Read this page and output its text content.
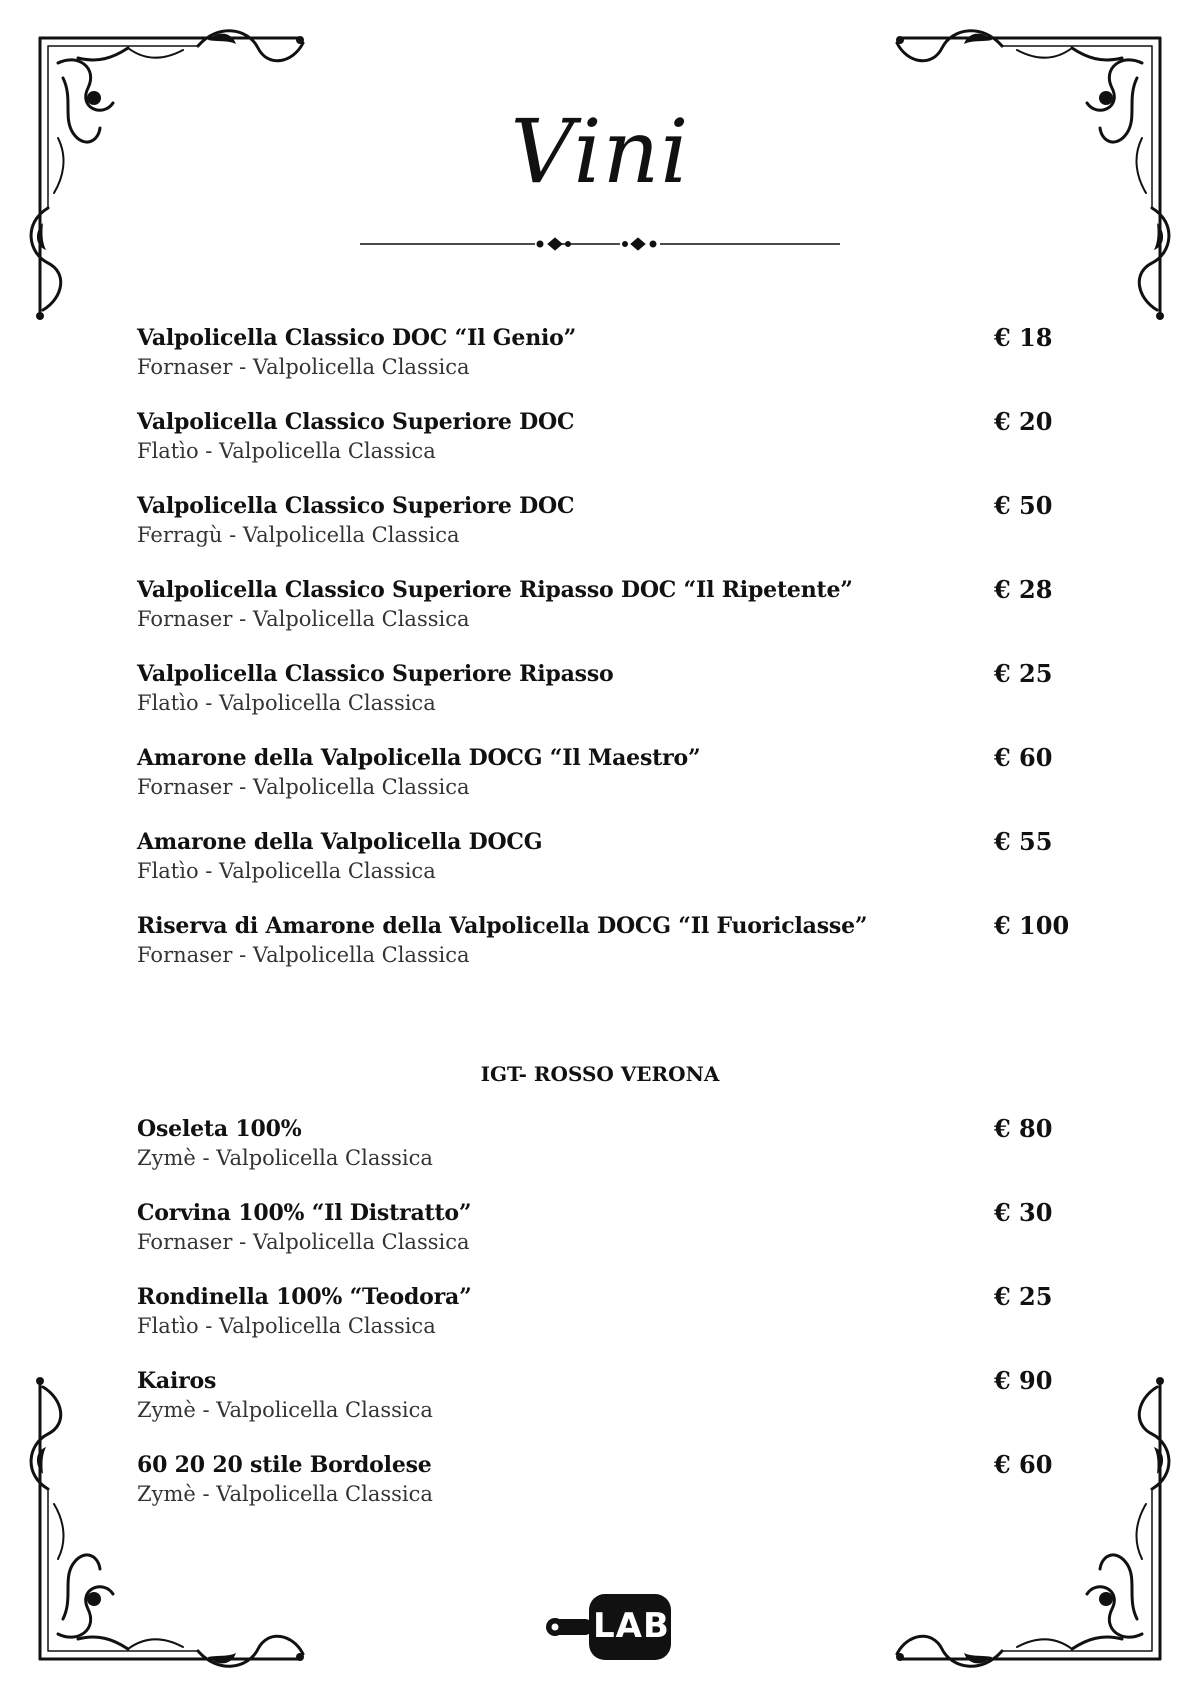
Vini
Valpolicella Classico DOC “Il Genio”
Fornaser - Valpolicella Classica
€ 18
Valpolicella Classico Superiore DOC
Flatìo - Valpolicella Classica
€ 20
Valpolicella Classico Superiore DOC
Ferragù - Valpolicella Classica
€ 50
Valpolicella Classico Superiore Ripasso DOC “Il Ripetente”
Fornaser - Valpolicella Classica
€ 28
Valpolicella Classico Superiore Ripasso
Flatìo - Valpolicella Classica
€ 25
Amarone della Valpolicella DOCG “Il Maestro”
Fornaser - Valpolicella Classica
€ 60
Amarone della Valpolicella DOCG
Flatìo - Valpolicella Classica
€ 55
Riserva di Amarone della Valpolicella DOCG “Il Fuoriclasse”
Fornaser - Valpolicella Classica
€ 100
IGT- ROSSO VERONA
Oseleta 100%
Zymè - Valpolicella Classica
€ 80
Corvina 100% “Il Distratto”
Fornaser - Valpolicella Classica
€ 30
Rondinella 100% “Teodora”
Flatìo - Valpolicella Classica
€ 25
Kairos
Zymè - Valpolicella Classica
€ 90
60 20 20 stile Bordolese
Zymè - Valpolicella Classica
€ 60
LAB
